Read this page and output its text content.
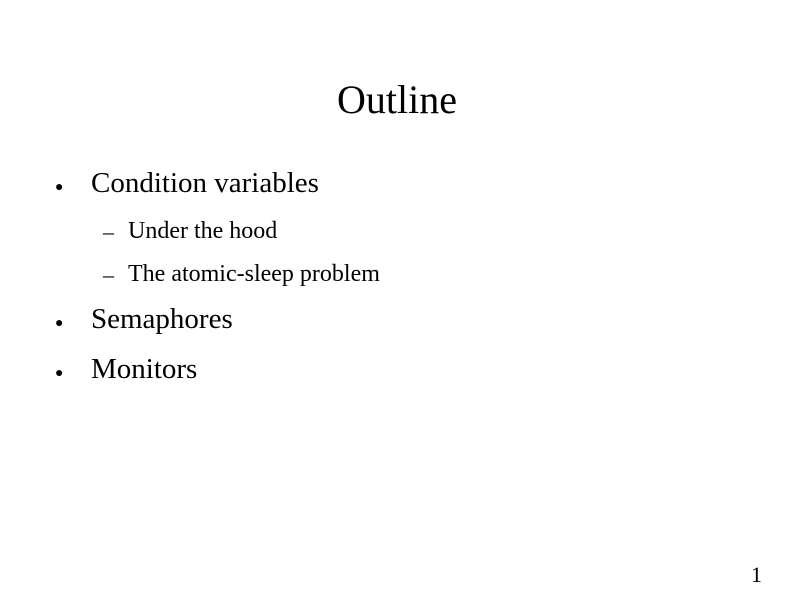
Outline
● Condition variables
– Under the hood
– The atomic-sleep problem
● Semaphores
● Monitors
1
